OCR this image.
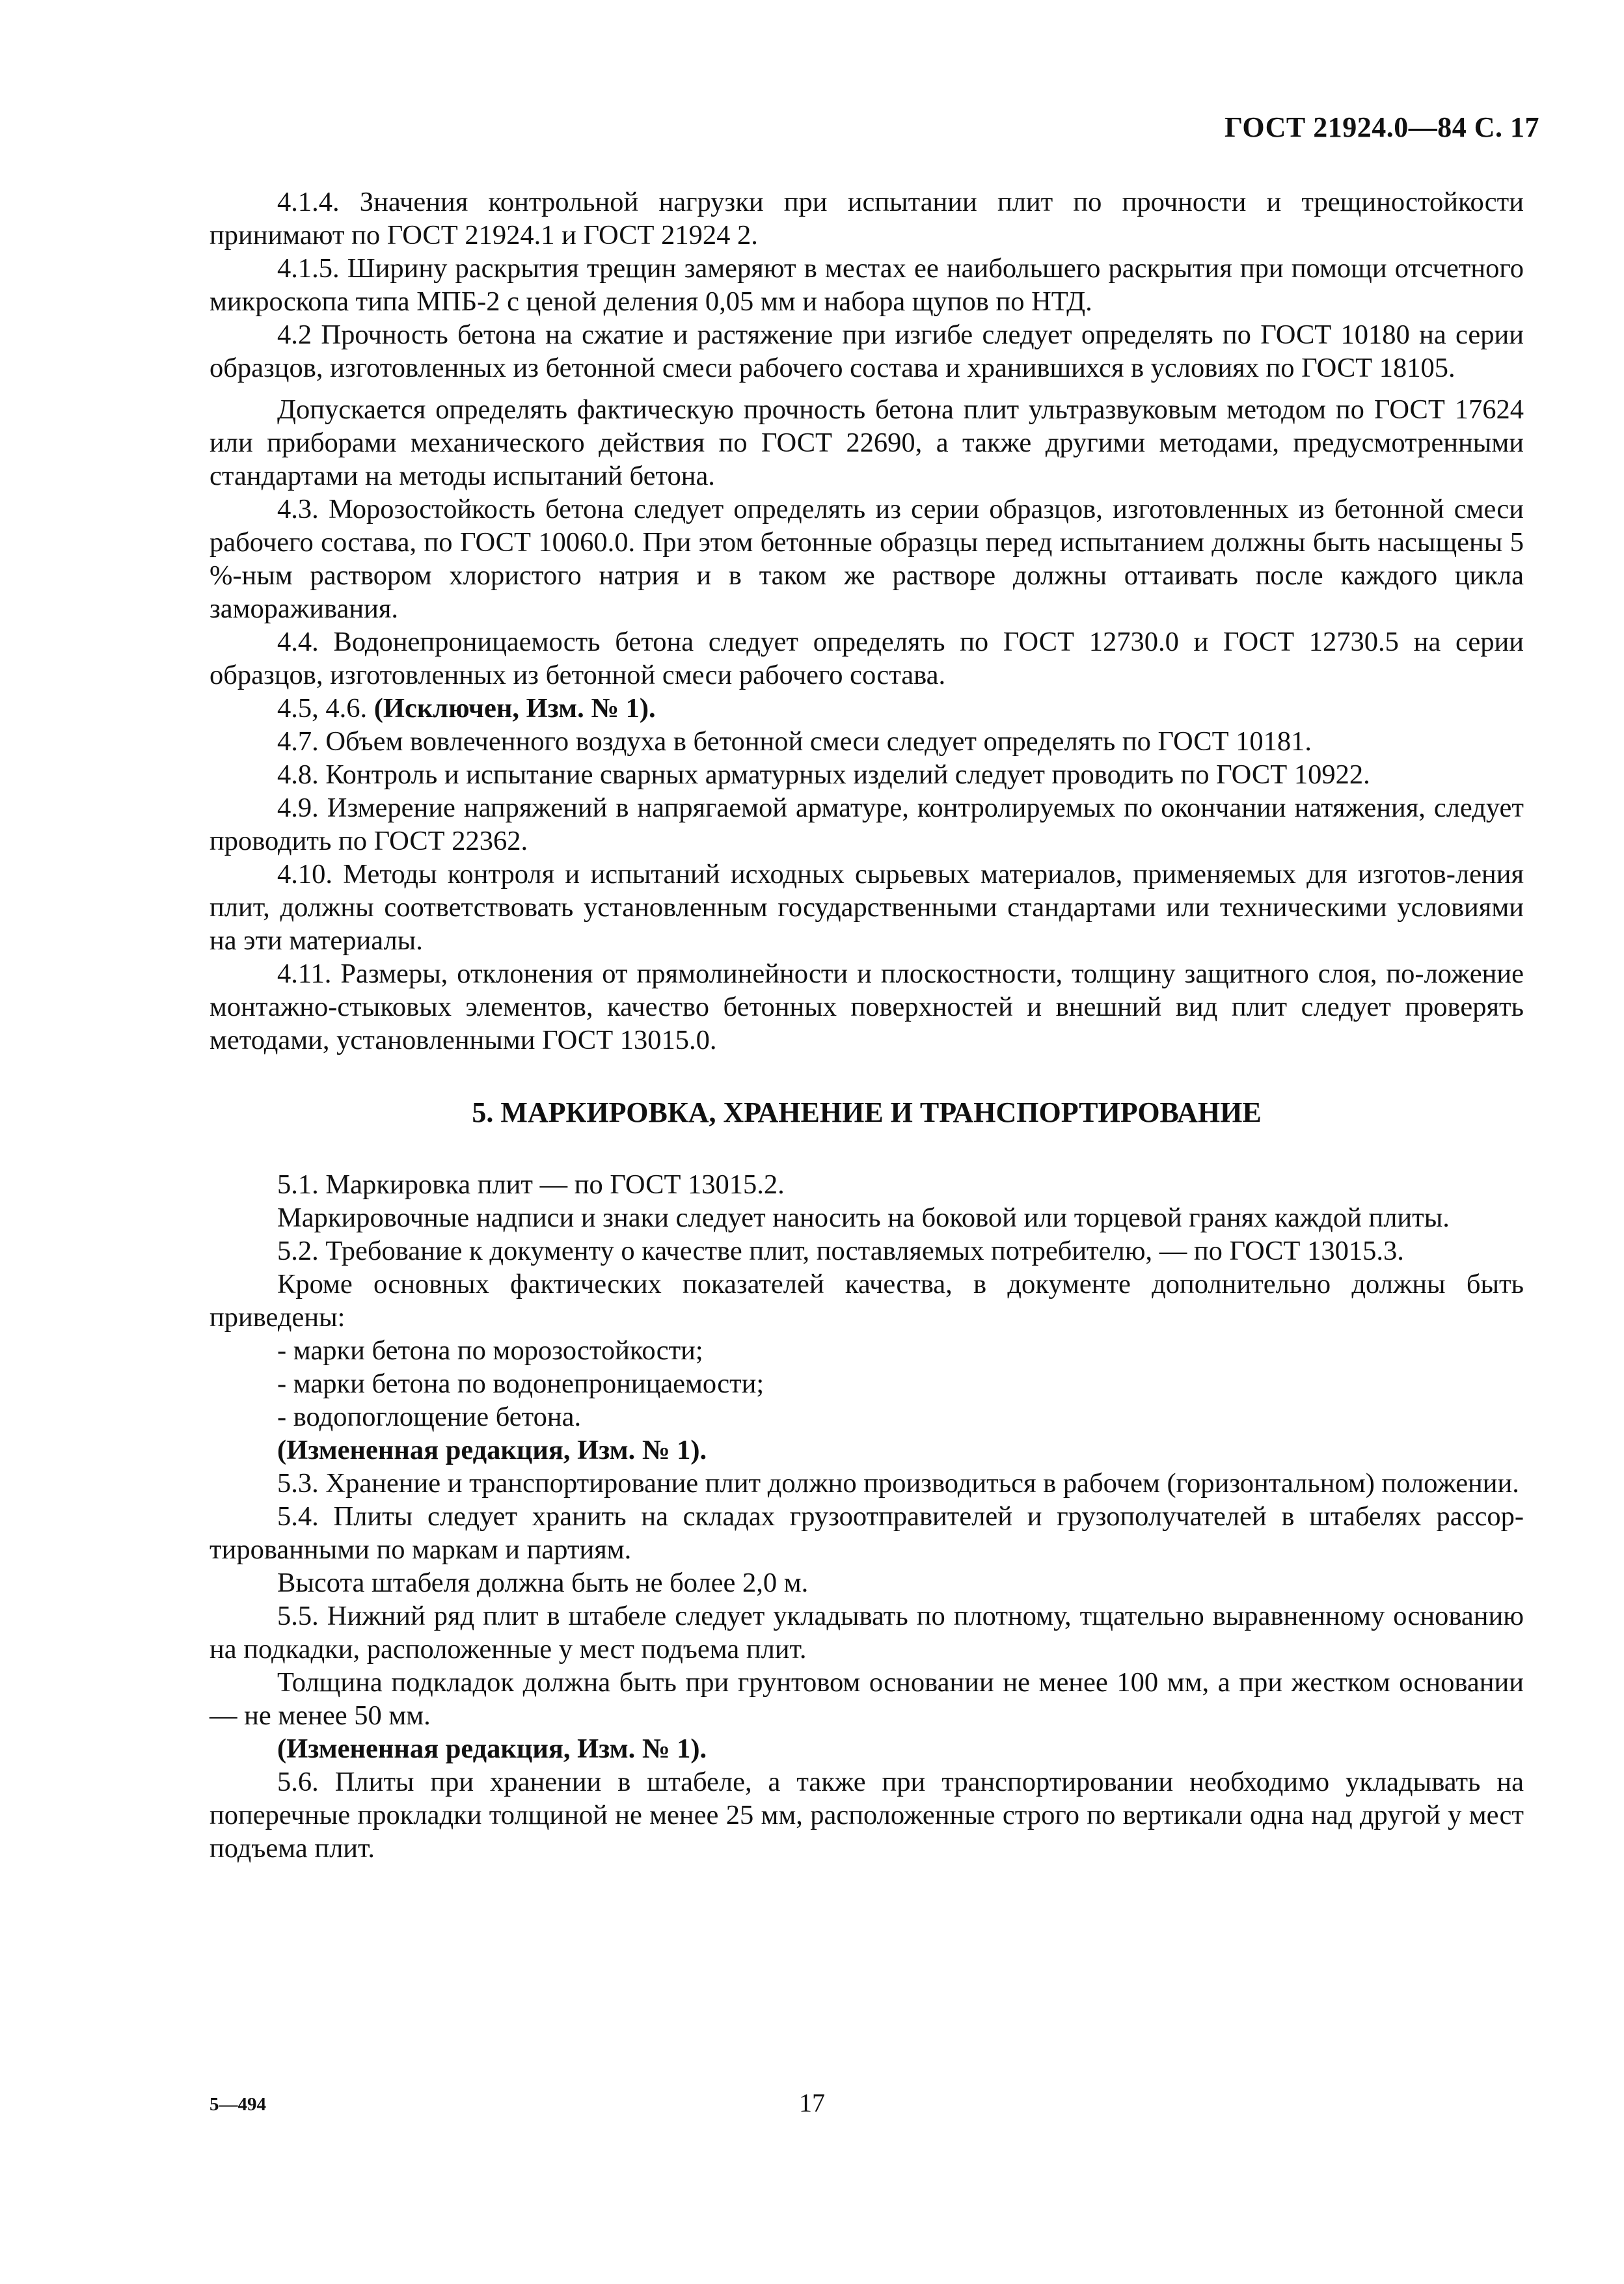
ГОСТ 21924.0—84 С. 17

4.1.4. Значения контрольной нагрузки при испытании плит по прочности и трещиностойкости принимают по ГОСТ 21924.1 и ГОСТ 21924 2.

4.1.5. Ширину раскрытия трещин замеряют в местах ее наибольшего раскрытия при помощи отсчетного микроскопа типа МПБ-2 с ценой деления 0,05 мм и набора щупов по НТД.

4.2 Прочность бетона на сжатие и растяжение при изгибе следует определять по ГОСТ 10180 на серии образцов, изготовленных из бетонной смеси рабочего состава и хранившихся в условиях по ГОСТ 18105.

Допускается определять фактическую прочность бетона плит ультразвуковым методом по ГОСТ 17624 или приборами механического действия по ГОСТ 22690, а также другими методами, предусмотренными стандартами на методы испытаний бетона.

4.3. Морозостойкость бетона следует определять из серии образцов, изготовленных из бетонной смеси рабочего состава, по ГОСТ 10060.0. При этом бетонные образцы перед испытанием должны быть насыщены 5 %-ным раствором хлористого натрия и в таком же растворе должны оттаивать после каждого цикла замораживания.

4.4. Водонепроницаемость бетона следует определять по ГОСТ 12730.0 и ГОСТ 12730.5 на серии образцов, изготовленных из бетонной смеси рабочего состава.

4.5, 4.6. (Исключен, Изм. № 1).

4.7. Объем вовлеченного воздуха в бетонной смеси следует определять по ГОСТ 10181.

4.8. Контроль и испытание сварных арматурных изделий следует проводить по ГОСТ 10922.

4.9. Измерение напряжений в напрягаемой арматуре, контролируемых по окончании натяжения, следует проводить по ГОСТ 22362.

4.10. Методы контроля и испытаний исходных сырьевых материалов, применяемых для изготов-ления плит, должны соответствовать установленным государственными стандартами или техническими условиями на эти материалы.

4.11. Размеры, отклонения от прямолинейности и плоскостности, толщину защитного слоя, по-ложение монтажно-стыковых элементов, качество бетонных поверхностей и внешний вид плит следует проверять методами, установленными ГОСТ 13015.0.

5. МАРКИРОВКА, ХРАНЕНИЕ И ТРАНСПОРТИРОВАНИЕ

5.1. Маркировка плит — по ГОСТ 13015.2.

Маркировочные надписи и знаки следует наносить на боковой или торцевой гранях каждой плиты.

5.2. Требование к документу о качестве плит, поставляемых потребителю, — по ГОСТ 13015.3.

Кроме основных фактических показателей качества, в документе дополнительно должны быть приведены:

- марки бетона по морозостойкости;

- марки бетона по водонепроницаемости;

- водопоглощение бетона.

(Измененная редакция, Изм. № 1).

5.3. Хранение и транспортирование плит должно производиться в рабочем (горизонтальном) положении.

5.4. Плиты следует хранить на складах грузоотправителей и грузополучателей в штабелях рассор-тированными по маркам и партиям.

Высота штабеля должна быть не более 2,0 м.

5.5. Нижний ряд плит в штабеле следует укладывать по плотному, тщательно выравненному основанию на подкадки, расположенные у мест подъема плит.

Толщина подкладок должна быть при грунтовом основании не менее 100 мм, а при жестком основании — не менее 50 мм.

(Измененная редакция, Изм. № 1).

5.6. Плиты при хранении в штабеле, а также при транспортировании необходимо укладывать на поперечные прокладки толщиной не менее 25 мм, расположенные строго по вертикали одна над другой у мест подъема плит.

5—494	17
